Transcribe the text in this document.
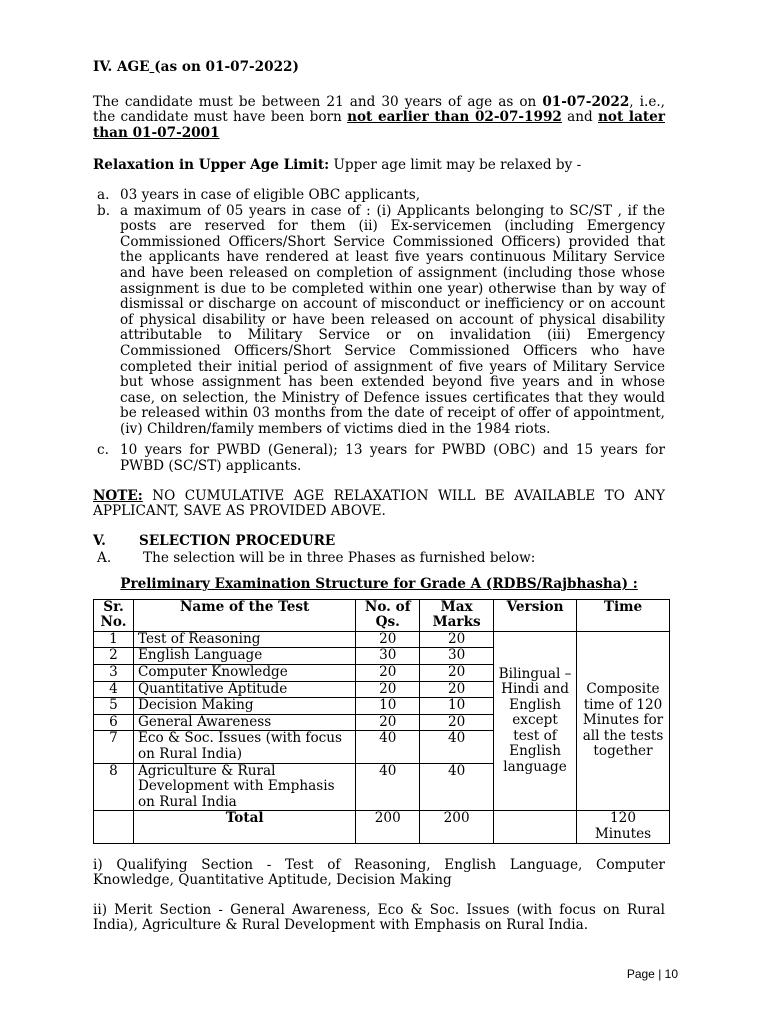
IV. AGE (as on 01-07-2022)

The candidate must be between 21 and 30 years of age as on 01-07-2022, i.e., the candidate must have been born not earlier than 02-07-1992 and not later than 01-07-2001

Relaxation in Upper Age Limit: Upper age limit may be relaxed by -

a. 03 years in case of eligible OBC applicants,
b. a maximum of 05 years in case of : (i) Applicants belonging to SC/ST , if the posts are reserved for them (ii) Ex-servicemen (including Emergency Commissioned Officers/Short Service Commissioned Officers) provided that the applicants have rendered at least five years continuous Military Service and have been released on completion of assignment (including those whose assignment is due to be completed within one year) otherwise than by way of dismissal or discharge on account of misconduct or inefficiency or on account of physical disability or have been released on account of physical disability attributable to Military Service or on invalidation (iii) Emergency Commissioned Officers/Short Service Commissioned Officers who have completed their initial period of assignment of five years of Military Service but whose assignment has been extended beyond five years and in whose case, on selection, the Ministry of Defence issues certificates that they would be released within 03 months from the date of receipt of offer of appointment, (iv) Children/family members of victims died in the 1984 riots.
c. 10 years for PWBD (General); 13 years for PWBD (OBC) and 15 years for PWBD (SC/ST) applicants.

NOTE: NO CUMULATIVE AGE RELAXATION WILL BE AVAILABLE TO ANY APPLICANT, SAVE AS PROVIDED ABOVE.

V.	SELECTION PROCEDURE
A.	The selection will be in three Phases as furnished below:
Preliminary Examination Structure for Grade A (RDBS/Rajbhasha) :
Sr. No.	Name of the Test	No. of Qs.	Max Marks	Version	Time
1	Test of Reasoning	20	20	Bilingual – Hindi and English except test of English language	Composite time of 120 Minutes for all the tests together
2	English Language	30	30		
3	Computer Knowledge	20	20		
4	Quantitative Aptitude	20	20		
5	Decision Making	10	10		
6	General Awareness	20	20		
7	Eco & Soc. Issues (with focus on Rural India)	40	40		
8	Agriculture & Rural Development with Emphasis on Rural India	40	40		
	Total	200	200		120 Minutes

i) Qualifying Section - Test of Reasoning, English Language, Computer Knowledge, Quantitative Aptitude, Decision Making

ii) Merit Section - General Awareness, Eco & Soc. Issues (with focus on Rural India), Agriculture & Rural Development with Emphasis on Rural India.

Page | 10
